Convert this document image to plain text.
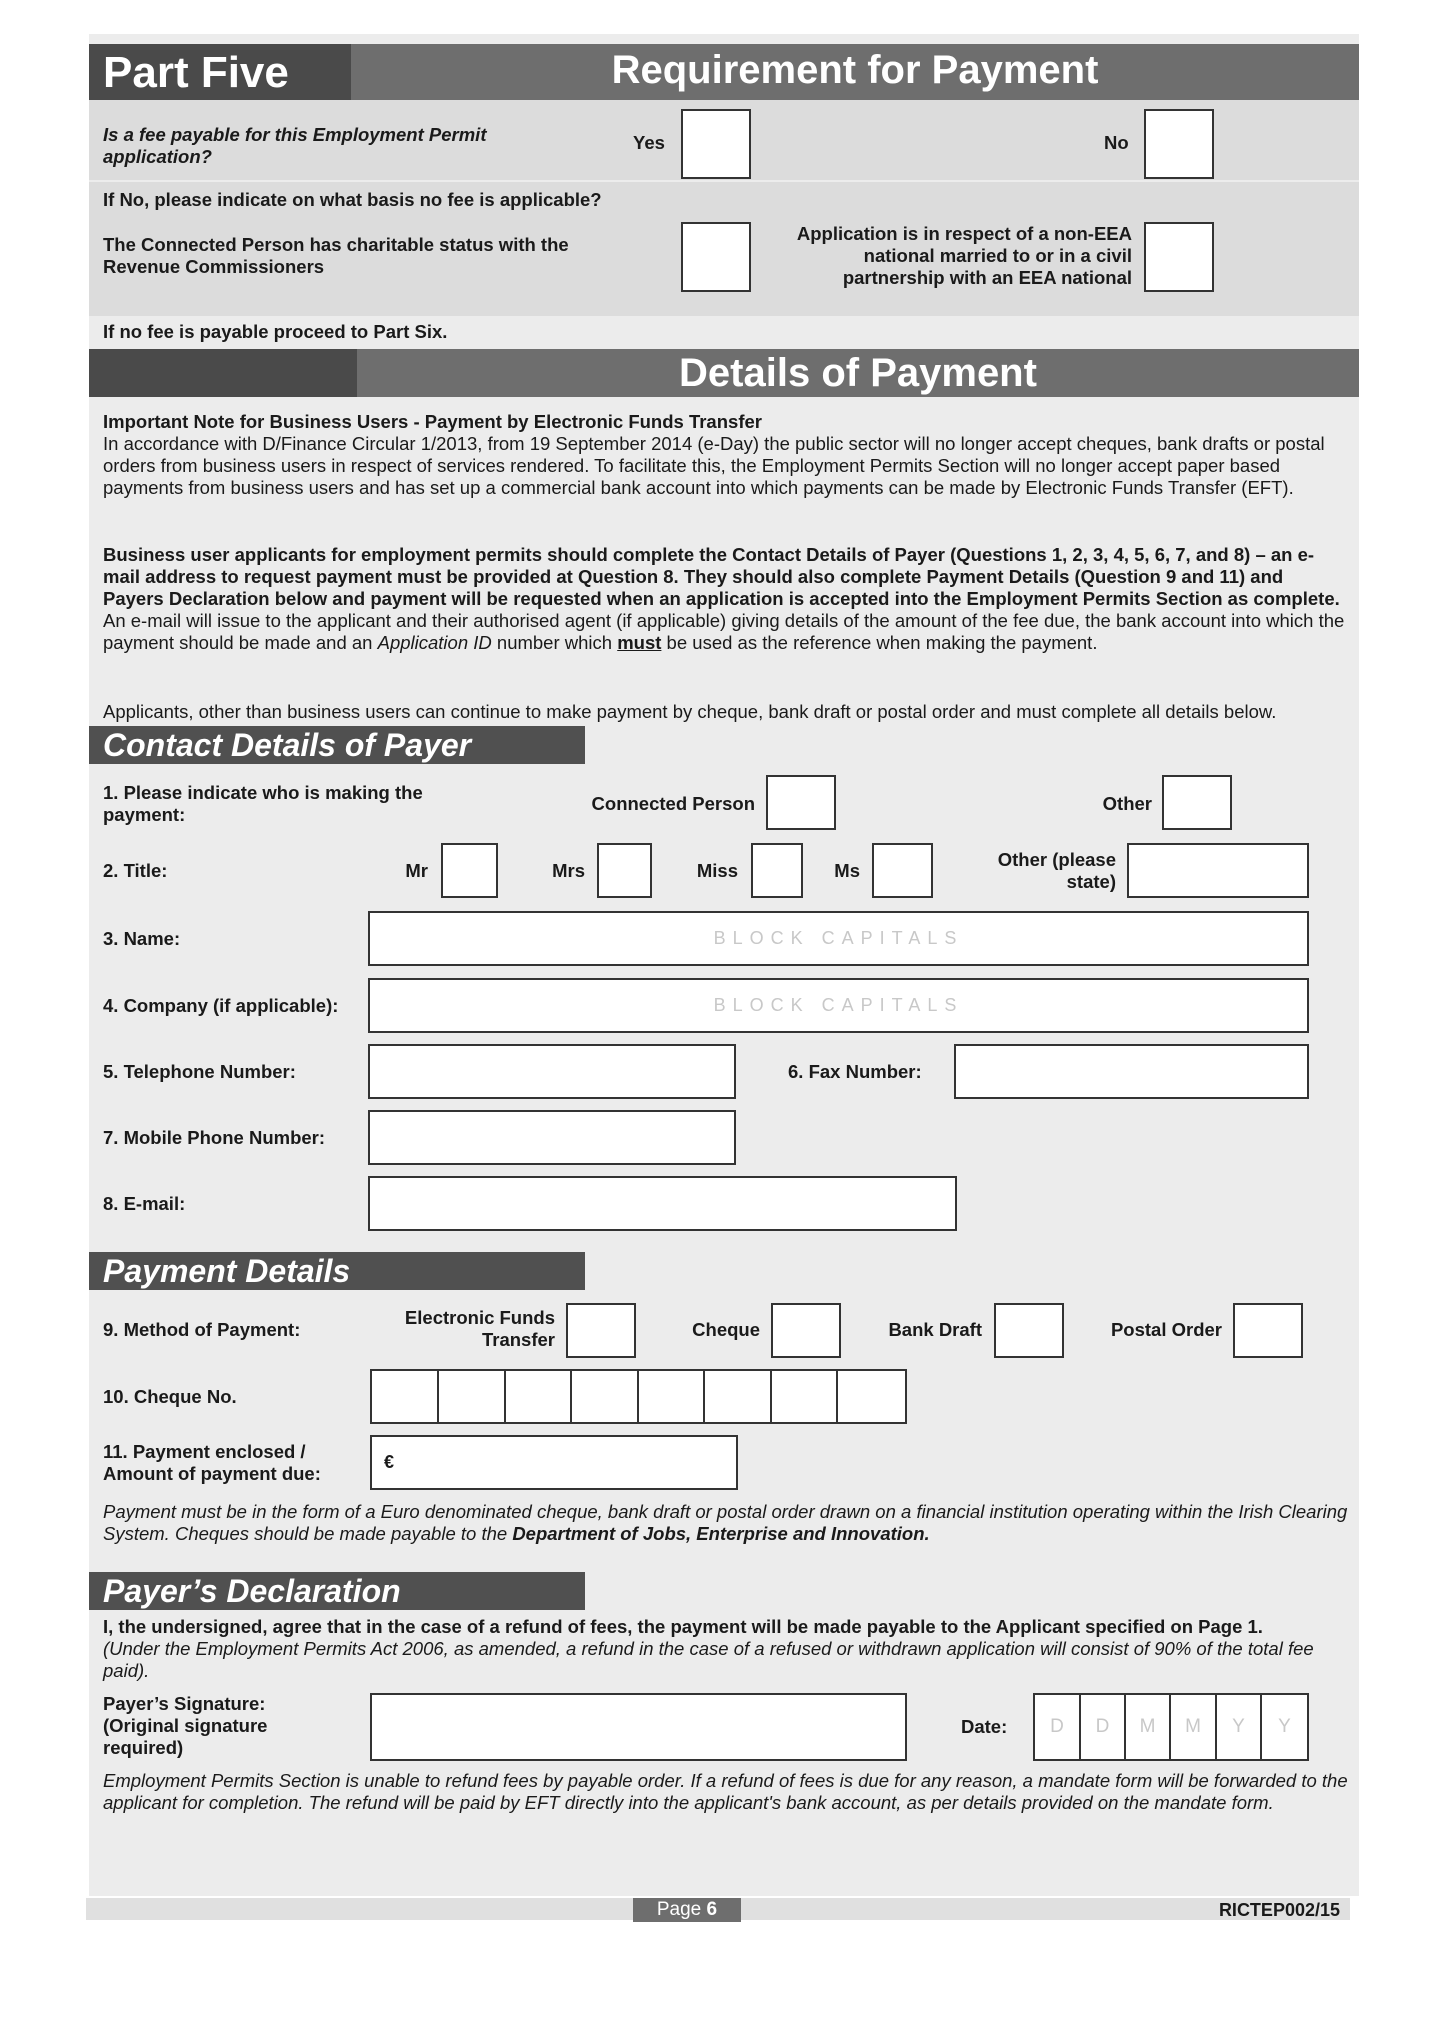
Part Five	Requirement for Payment
Is a fee payable for this Employment Permit application?
Yes	No
If No, please indicate on what basis no fee is applicable?
The Connected Person has charitable status with the Revenue Commissioners
Application is in respect of a non-EEA national married to or in a civil partnership with an EEA national
If no fee is payable proceed to Part Six.
Details of Payment
Important Note for Business Users - Payment by Electronic Funds Transfer
In accordance with D/Finance Circular 1/2013, from 19 September 2014 (e-Day) the public sector will no longer accept cheques, bank drafts or postal orders from business users in respect of services rendered. To facilitate this, the Employment Permits Section will no longer accept paper based payments from business users and has set up a commercial bank account into which payments can be made by Electronic Funds Transfer (EFT).
Business user applicants for employment permits should complete the Contact Details of Payer (Questions 1, 2, 3, 4, 5, 6, 7, and 8) – an e-mail address to request payment must be provided at Question 8. They should also complete Payment Details (Question 9 and 11) and Payers Declaration below and payment will be requested when an application is accepted into the Employment Permits Section as complete. An e-mail will issue to the applicant and their authorised agent (if applicable) giving details of the amount of the fee due, the bank account into which the payment should be made and an Application ID number which must be used as the reference when making the payment.
Applicants, other than business users can continue to make payment by cheque, bank draft or postal order and must complete all details below.
Contact Details of Payer
1. Please indicate who is making the payment:
Connected Person	Other
2. Title:	Mr	Mrs	Miss	Ms
Other (please state)
3. Name:	BLOCK CAPITALS
4. Company (if applicable):	BLOCK CAPITALS
5. Telephone Number:	6. Fax Number:
7. Mobile Phone Number:
8. E-mail:
Payment Details
9. Method of Payment:
Electronic Funds Transfer	Cheque	Bank Draft	Postal Order
10. Cheque No.
11. Payment enclosed / Amount of payment due:
€
Payment must be in the form of a Euro denominated cheque, bank draft or postal order drawn on a financial institution operating within the Irish Clearing System. Cheques should be made payable to the Department of Jobs, Enterprise and Innovation.
Payer’s Declaration
I, the undersigned, agree that in the case of a refund of fees, the payment will be made payable to the Applicant specified on Page 1.
(Under the Employment Permits Act 2006, as amended, a refund in the case of a refused or withdrawn application will consist of 90% of the total fee paid).
Payer’s Signature: (Original signature required)
Date:	D	D	M	M	Y	Y
Employment Permits Section is unable to refund fees by payable order. If a refund of fees is due for any reason, a mandate form will be forwarded to the applicant for completion. The refund will be paid by EFT directly into the applicant's bank account, as per details provided on the mandate form.
Page 6	RICTEP002/15
